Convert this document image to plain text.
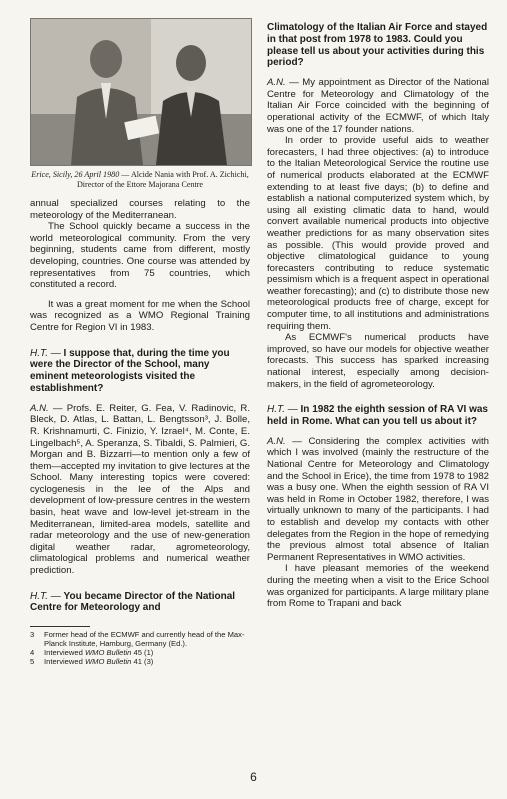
Erice, Sicily, 26 April 1980 — Alcide Nania with Prof. A. Zichichi, Director of the Ettore Majorana Centre

annual specialized courses relating to the meteorology of the Mediterranean.

The School quickly became a success in the world meteorological community. From the very beginning, students came from different, mostly developing, countries. One course was attended by representatives from 75 countries, which constituted a record.

It was a great moment for me when the School was recognized as a WMO Regional Training Centre for Region VI in 1983.

H.T. — I suppose that, during the time you were the Director of the School, many eminent meteorologists visited the establishment?

A.N. — Profs. E. Reiter, G. Fea, V. Radinovic, R. Bleck, D. Atlas, L. Battan, L. Bengtsson³, J. Bolle, R. Krishnamurti, C. Finizio, Y. Izrael⁴, M. Conte, E. Lingelbach⁵, A. Speranza, S. Tibaldi, S. Palmieri, G. Morgan and B. Bizzarri—to mention only a few of them—accepted my invitation to give lectures at the School. Many interesting topics were covered: cyclogenesis in the lee of the Alps and development of low-pressure centres in the western basin, heat wave and low-level jet-stream in the Mediterranean, limited-area models, satellite and radar meteorology and the use of new-generation digital weather radar, agrometeorology, climatological problems and numerical weather prediction.

H.T. — You became Director of the National Centre for Meteorology and

3	Former head of the ECMWF and currently head of the Max-Planck Institute, Hamburg, Germany (Ed.).
4	Interviewed WMO Bulletin 45 (1)
5	Interviewed WMO Bulletin 41 (3)

Climatology of the Italian Air Force and stayed in that post from 1978 to 1983. Could you please tell us about your activities during this period?

A.N. — My appointment as Director of the National Centre for Meteorology and Climatology of the Italian Air Force coincided with the beginning of operational activity of the ECMWF, of which Italy was one of the 17 founder nations.

In order to provide useful aids to weather forecasters, I had three objectives: (a) to introduce to the Italian Meteorological Service the routine use of numerical products elaborated at the ECMWF extending to at least five days; (b) to define and establish a national computerized system which, by using all existing climatic data to hand, would convert available numerical products into objective weather predictions for as many observation sites as possible. (This would provide proved and objective climatological guidance to young forecasters contributing to reduce systematic pessimism which is a frequent aspect in operational weather forecasting); and (c) to distribute those new meteorological products free of charge, except for computer time, to all institutions and administrations requiring them.

As ECMWF's numerical products have improved, so have our models for objective weather forecasts. This success has sparked increasing national interest, especially among decision-makers, in the field of agrometeorology.

H.T. — In 1982 the eighth session of RA VI was held in Rome. What can you tell us about it?

A.N. — Considering the complex activities with which I was involved (mainly the restructure of the National Centre for Meteorology and Climatology and the School in Erice), the time from 1978 to 1982 was a busy one. When the eighth session of RA VI was held in Rome in October 1982, therefore, I was virtually unknown to many of the participants. I had to establish and develop my contacts with other delegates from the Region in the hope of remedying the previous almost total absence of Italian Permanent Representatives in WMO activities.

I have pleasant memories of the weekend during the meeting when a visit to the Erice School was organized for participants. A large military plane from Rome to Trapani and back

6
